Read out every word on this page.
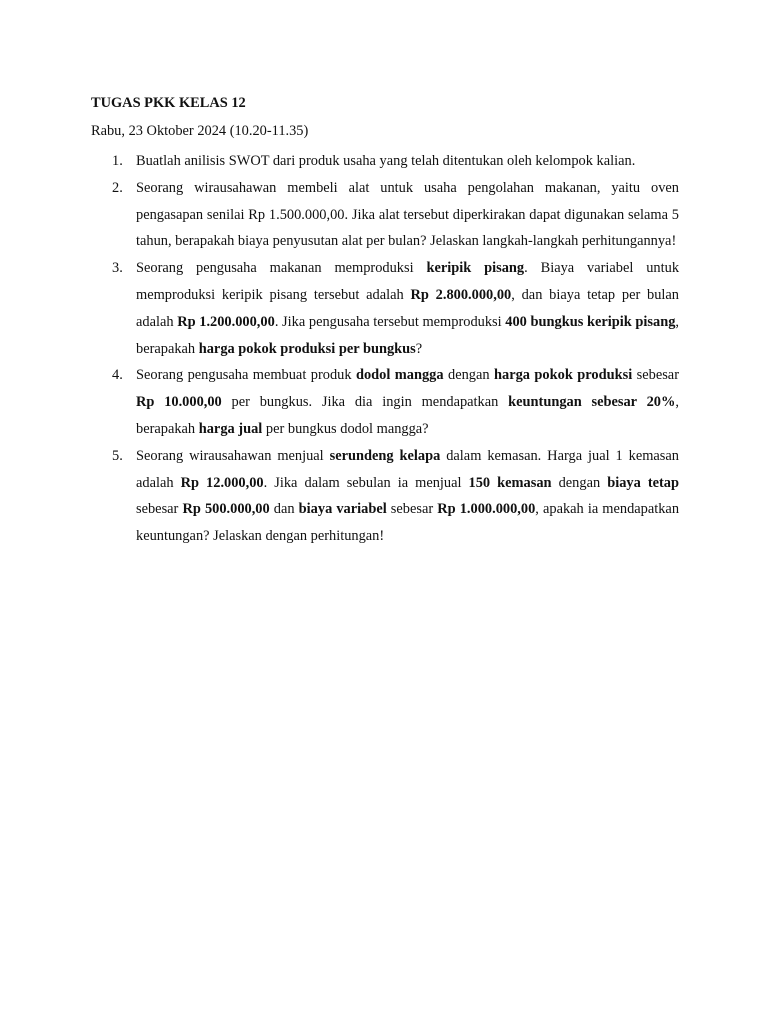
TUGAS PKK KELAS 12

Rabu, 23 Oktober 2024 (10.20-11.35)

1. Buatlah anilisis SWOT dari produk usaha yang telah ditentukan oleh kelompok kalian.
2. Seorang wirausahawan membeli alat untuk usaha pengolahan makanan, yaitu oven pengasapan senilai Rp 1.500.000,00. Jika alat tersebut diperkirakan dapat digunakan selama 5 tahun, berapakah biaya penyusutan alat per bulan? Jelaskan langkah-langkah perhitungannya!
3. Seorang pengusaha makanan memproduksi keripik pisang. Biaya variabel untuk memproduksi keripik pisang tersebut adalah Rp 2.800.000,00, dan biaya tetap per bulan adalah Rp 1.200.000,00. Jika pengusaha tersebut memproduksi 400 bungkus keripik pisang, berapakah harga pokok produksi per bungkus?
4. Seorang pengusaha membuat produk dodol mangga dengan harga pokok produksi sebesar Rp 10.000,00 per bungkus. Jika dia ingin mendapatkan keuntungan sebesar 20%, berapakah harga jual per bungkus dodol mangga?
5. Seorang wirausahawan menjual serundeng kelapa dalam kemasan. Harga jual 1 kemasan adalah Rp 12.000,00. Jika dalam sebulan ia menjual 150 kemasan dengan biaya tetap sebesar Rp 500.000,00 dan biaya variabel sebesar Rp 1.000.000,00, apakah ia mendapatkan keuntungan? Jelaskan dengan perhitungan!
